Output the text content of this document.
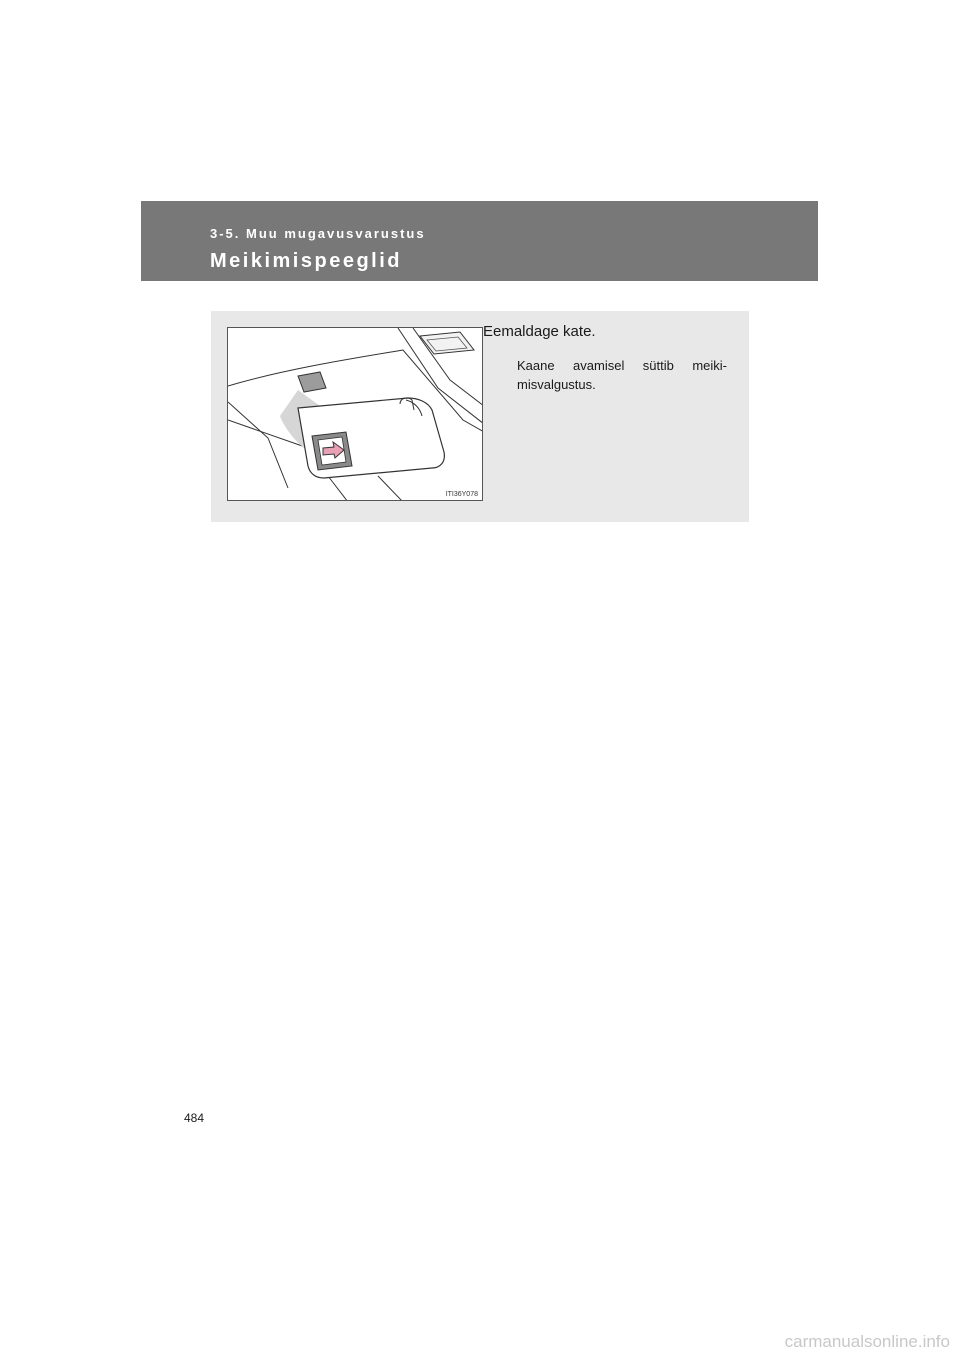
3-5. Muu mugavusvarustus
Meikimispeeglid
ITI36Y078
Eemaldage kate.
Kaane avamisel süttib meiki-misvalgustus.
484
carmanualsonline.info
